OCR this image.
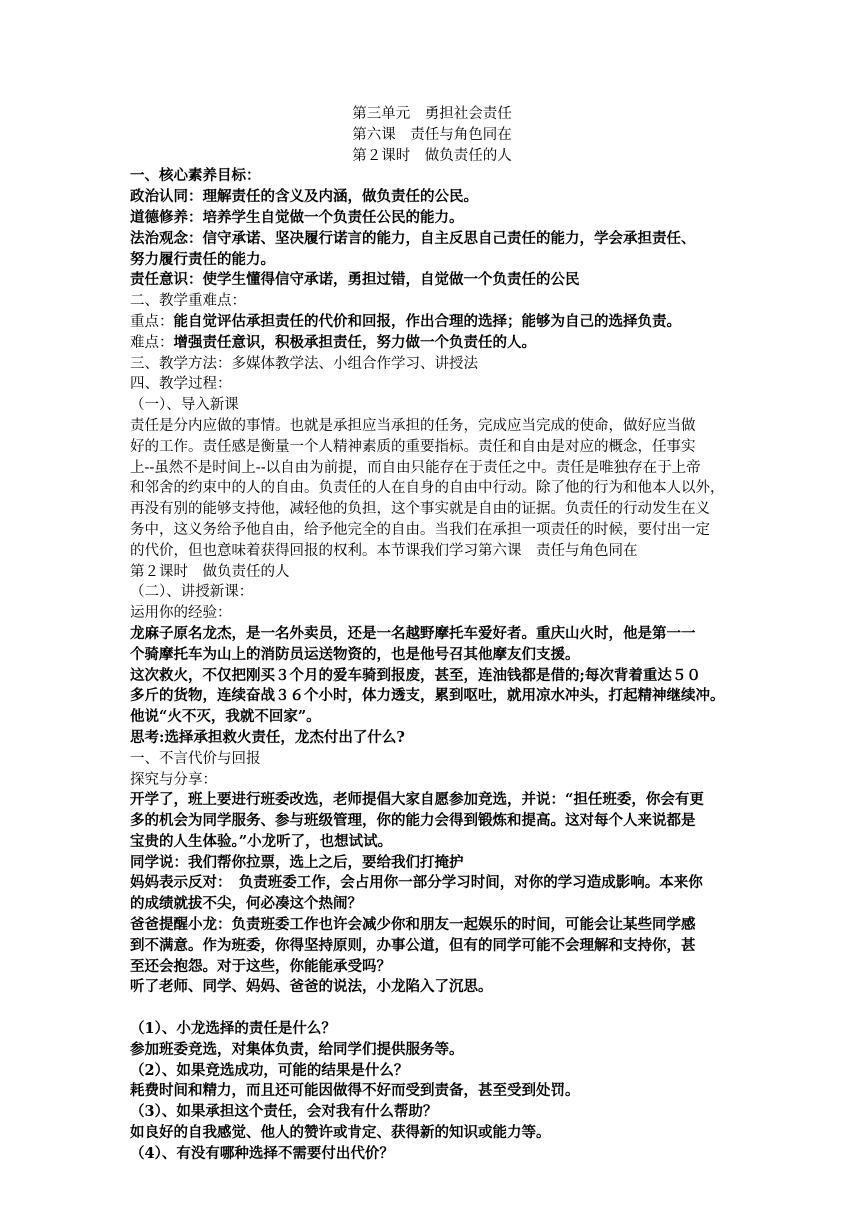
第三单元　勇担社会责任

第六课　责任与角色同在

第２课时　做负责任的人

一、核心素养目标：

政治认同：理解责任的含义及内涵，做负责任的公民。

道德修养：培养学生自觉做一个负责任公民的能力。

法治观念：信守承诺、坚决履行诺言的能力，自主反思自己责任的能力，学会承担责任、

努力履行责任的能力。

责任意识：使学生懂得信守承诺，勇担过错，自觉做一个负责任的公民

二、教学重难点：

重点：能自觉评估承担责任的代价和回报，作出合理的选择；能够为自己的选择负责。

难点：增强责任意识，积极承担责任，努力做一个负责任的人。

三、教学方法：多媒体教学法、小组合作学习、讲授法

四、教学过程：

（一）、导入新课

责任是分内应做的事情。也就是承担应当承担的任务，完成应当完成的使命，做好应当做

好的工作。责任感是衡量一个人精神素质的重要指标。责任和自由是对应的概念，任事实

上--虽然不是时间上--以自由为前提，而自由只能存在于责任之中。责任是唯独存在于上帝

和邻舍的约束中的人的自由。负责任的人在自身的自由中行动。除了他的行为和他本人以外，

再没有别的能够支持他，减轻他的负担，这个事实就是自由的证据。负责任的行动发生在义

务中，这义务给予他自由，给予他完全的自由。当我们在承担一项责任的时候，要付出一定

的代价，但也意味着获得回报的权利。本节课我们学习第六课　责任与角色同在

第２课时　做负责任的人

（二）、讲授新课：

运用你的经验：

龙麻子原名龙杰，是一名外卖员，还是一名越野摩托车爱好者。重庆山火时，他是第一一

个骑摩托车为山上的消防员运送物资的，也是他号召其他摩友们支援。

这次救火，不仅把刚买３个月的爱车骑到报废，甚至，连油钱都是借的;每次背着重达５０

多斤的货物，连续奋战３６个小时，体力透支，累到呕吐，就用凉水冲头，打起精神继续冲。

他说“火不灭，我就不回家”。

思考:选择承担救火责任，龙杰付出了什么?

一、不言代价与回报

探究与分享：

开学了，班上要进行班委改选，老师提倡大家自愿参加竞选，并说：“担任班委，你会有更

多的机会为同学服务、参与班级管理，你的能力会得到锻炼和提高。这对每个人来说都是

宝贵的人生体验。”小龙听了，也想试试。

同学说：我们帮你拉票，选上之后，要给我们打掩护

妈妈表示反对：　负责班委工作，会占用你一部分学习时间，对你的学习造成影响。本来你

的成绩就拔不尖，何必凑这个热闹？

爸爸提醒小龙：负责班委工作也许会减少你和朋友一起娱乐的时间，可能会让某些同学感

到不满意。作为班委，你得坚持原则，办事公道，但有的同学可能不会理解和支持你，甚

至还会抱怨。对于这些，你能能承受吗？

听了老师、同学、妈妈、爸爸的说法，小龙陷入了沉思。

（1）、小龙选择的责任是什么？

参加班委竞选，对集体负责，给同学们提供服务等。

（2）、如果竞选成功，可能的结果是什么？

耗费时间和精力，而且还可能因做得不好而受到责备，甚至受到处罚。

（3）、如果承担这个责任，会对我有什么帮助？

如良好的自我感觉、他人的赞许或肯定、获得新的知识或能力等。

（4）、有没有哪种选择不需要付出代价？
